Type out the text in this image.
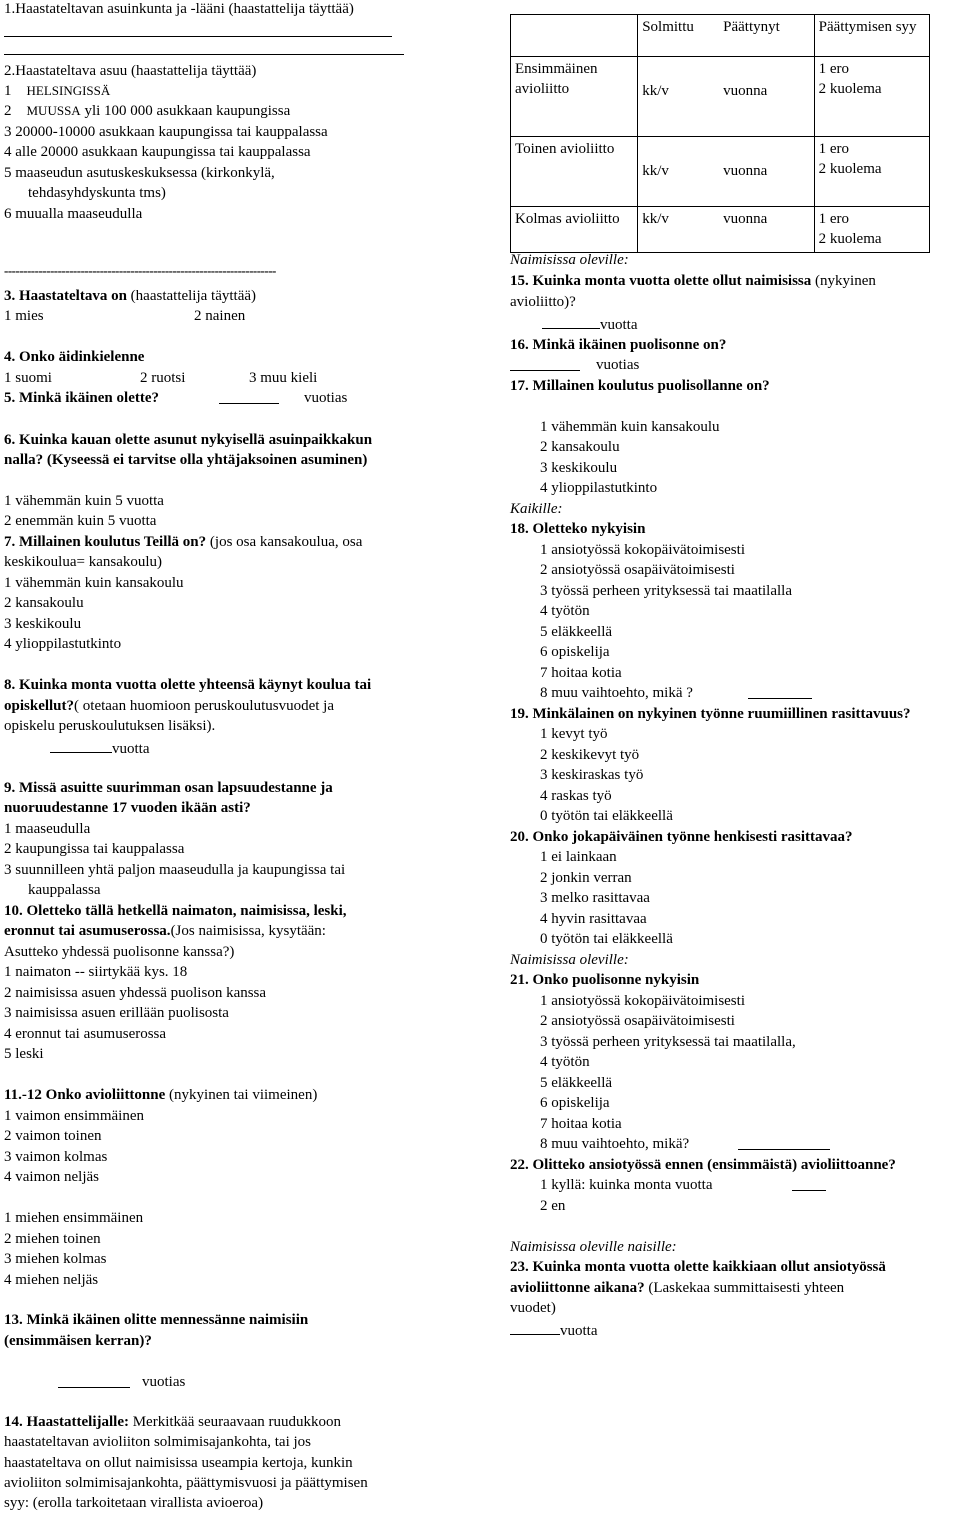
1.Haastateltavan asuinkunta ja -lääni (haastattelija täyttää)
2.Haastateltava asuu (haastattelija täyttää)
1    HELSINGISSÄ
2    MUUSSA yli 100 000 asukkaan kaupungissa
3 20000-10000 asukkaan kaupungissa tai kauppalassa
4 alle 20000 asukkaan kaupungissa tai kauppalassa
5 maaseudun asutuskeskuksessa (kirkonkylä,
tehdasyhdyskunta tms)
6 muualla maaseudulla
-----------------------------------------------------------------------
3. Haastateltava on (haastattelija täyttää)
1 mies	2 nainen
4. Onko äidinkielenne
1 suomi	2 ruotsi	3 muu kieli
5. Minkä ikäinen olette?	vuotias
6. Kuinka kauan olette asunut nykyisellä asuinpaikkakun
nalla? (Kyseessä ei tarvitse olla yhtäjaksoinen asuminen)
1 vähemmän kuin 5 vuotta
2 enemmän kuin 5 vuotta
7. Millainen koulutus Teillä on? (jos osa kansakoulua, osa
keskikoulua= kansakoulu)
1 vähemmän kuin kansakoulu
2 kansakoulu
3 keskikoulu
4 ylioppilastutkinto
8. Kuinka monta vuotta olette yhteensä käynyt koulua tai
opiskellut?( otetaan huomioon peruskoulutusvuodet ja
opiskelu peruskoulutuksen lisäksi).
vuotta
9. Missä asuitte suurimman osan lapsuudestanne ja
nuoruudestanne 17 vuoden ikään asti?
1 maaseudulla
2 kaupungissa tai kauppalassa
3 suunnilleen yhtä paljon maaseudulla ja kaupungissa tai
kauppalassa
10. Oletteko tällä hetkellä naimaton, naimisissa, leski,
eronnut tai asumuserossa.(Jos naimisissa, kysytään:
Asutteko yhdessä puolisonne kanssa?)
1 naimaton -- siirtykää kys. 18
2 naimisissa asuen yhdessä puolison kanssa
3 naimisissa asuen erillään puolisosta
4 eronnut tai asumuserossa
5 leski
11.-12 Onko avioliittonne (nykyinen tai viimeinen)
1 vaimon ensimmäinen
2 vaimon toinen
3 vaimon kolmas
4 vaimon neljäs
1 miehen ensimmäinen
2 miehen toinen
3 miehen kolmas
4 miehen neljäs
13. Minkä ikäinen olitte mennessänne naimisiin
(ensimmäisen kerran)?
vuotias
14. Haastattelijalle: Merkitkää seuraavaan ruudukkoon
haastateltavan avioliiton solmimisajankohta, tai jos
haastateltava on ollut naimisissa useampia kertoja, kunkin
avioliiton solmimisajankohta, päättymisvuosi ja päättymisen
syy: (erolla tarkoitetaan virallista avioeroa)
	Solmittu	Päättynyt	Päättymisen syy
Ensimmäinen avioliitto	kk/v	vuonna	1 ero
2 kuolema

Toinen avioliitto	kk/v	vuonna	1 ero
2 kuolema

Kolmas avioliitto	kk/v	vuonna	1 ero
2 kuolema
Naimisissa oleville:
15. Kuinka monta vuotta olette ollut naimisissa (nykyinen
avioliitto)?
vuotta
16. Minkä ikäinen puolisonne on?
vuotias
17. Millainen koulutus puolisollanne on?
1 vähemmän kuin kansakoulu
2 kansakoulu
3 keskikoulu
4 ylioppilastutkinto
Kaikille:
18. Oletteko nykyisin
1 ansiotyössä kokopäivätoimisesti
2 ansiotyössä osapäivätoimisesti
3 työssä perheen yrityksessä tai maatilalla
4 työtön
5 eläkkeellä
6 opiskelija
7 hoitaa kotia
8 muu vaihtoehto, mikä ?
19. Minkälainen on nykyinen työnne ruumiillinen rasittavuus?
1 kevyt työ
2 keskikevyt työ
3 keskiraskas työ
4 raskas työ
0 työtön tai eläkkeellä
20. Onko jokapäiväinen työnne henkisesti rasittavaa?
1 ei lainkaan
2 jonkin verran
3 melko rasittavaa
4 hyvin rasittavaa
0 työtön tai eläkkeellä
Naimisissa oleville:
21. Onko puolisonne nykyisin
1 ansiotyössä kokopäivätoimisesti
2 ansiotyössä osapäivätoimisesti
3 työssä perheen yrityksessä tai maatilalla,
4 työtön
5 eläkkeellä
6 opiskelija
7 hoitaa kotia
8 muu vaihtoehto, mikä?
22. Olitteko ansiotyössä ennen (ensimmäistä) avioliittoanne?
1 kyllä: kuinka monta vuotta
2 en
Naimisissa oleville naisille:
23. Kuinka monta vuotta olette kaikkiaan ollut ansiotyössä
avioliittonne aikana? (Laskekaa summittaisesti yhteen
vuodet)
vuotta
